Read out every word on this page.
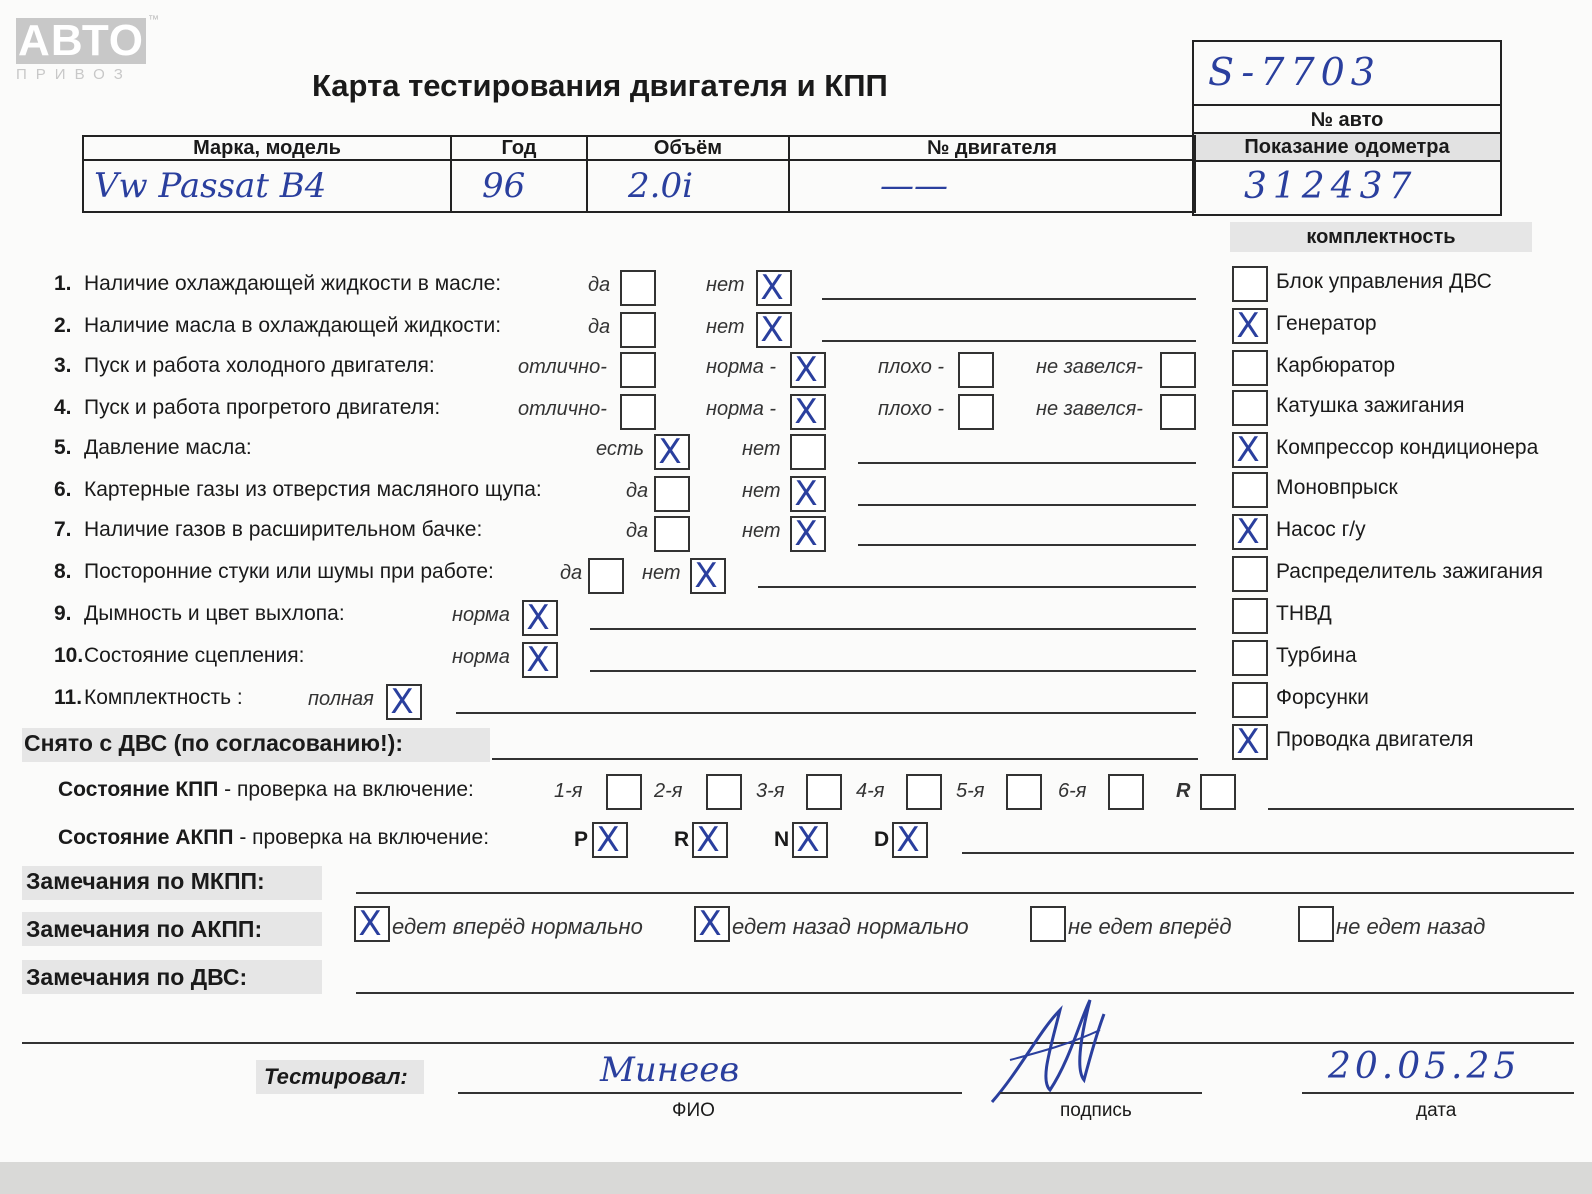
АВТО
ПРИВОЗ
™
Карта тестирования двигателя и КПП	S-7703
№ авто
Показание одометра
312437
Марка, модель	Год	Объём	№ двигателя
Vw Passat B4	96	2.0i	——
комплектность
1. Наличие охлаждающей жидкости в масле:	да	нет X
2. Наличие масла в охлаждающей жидкости:	да	нет X
3. Пуск и работа холодного двигателя:	отлично-	норма - X	плохо -	не завелся-
4. Пуск и работа прогретого двигателя:	отлично-	норма - X	плохо -	не завелся-
5. Давление масла:	есть X	нет
6. Картерные газы из отверстия масляного щупа:	да	нет X
7. Наличие газов в расширительном бачке:	да	нет X
8. Посторонние стуки или шумы при работе:	да	нет X
9. Дымность и цвет выхлопа:	норма X
10.Состояние сцепления:	норма X
11.Комплектность :	полная X
Блок управления ДВС
X Генератор
Карбюратор
Катушка зажигания
X Компрессор кондиционера
Моновпрыск
X Насос г/у
Распределитель зажигания
ТНВД
Турбина
Форсунки
X Проводка двигателя
Снято с ДВС (по согласованию!):
Состояние КПП - проверка на включение:	1-я	2-я	3-я	4-я	5-я	6-я	R
Состояние АКПП - проверка на включение:	P X	R X	N X	D X
Замечания по МКПП:
Замечания по АКПП:	X едет вперёд нормально X едет назад нормально	не едет вперёд	не едет назад
Замечания по ДВС:
Тестировал:	Минеев
ФИО	подпись
20.05.25
дата
